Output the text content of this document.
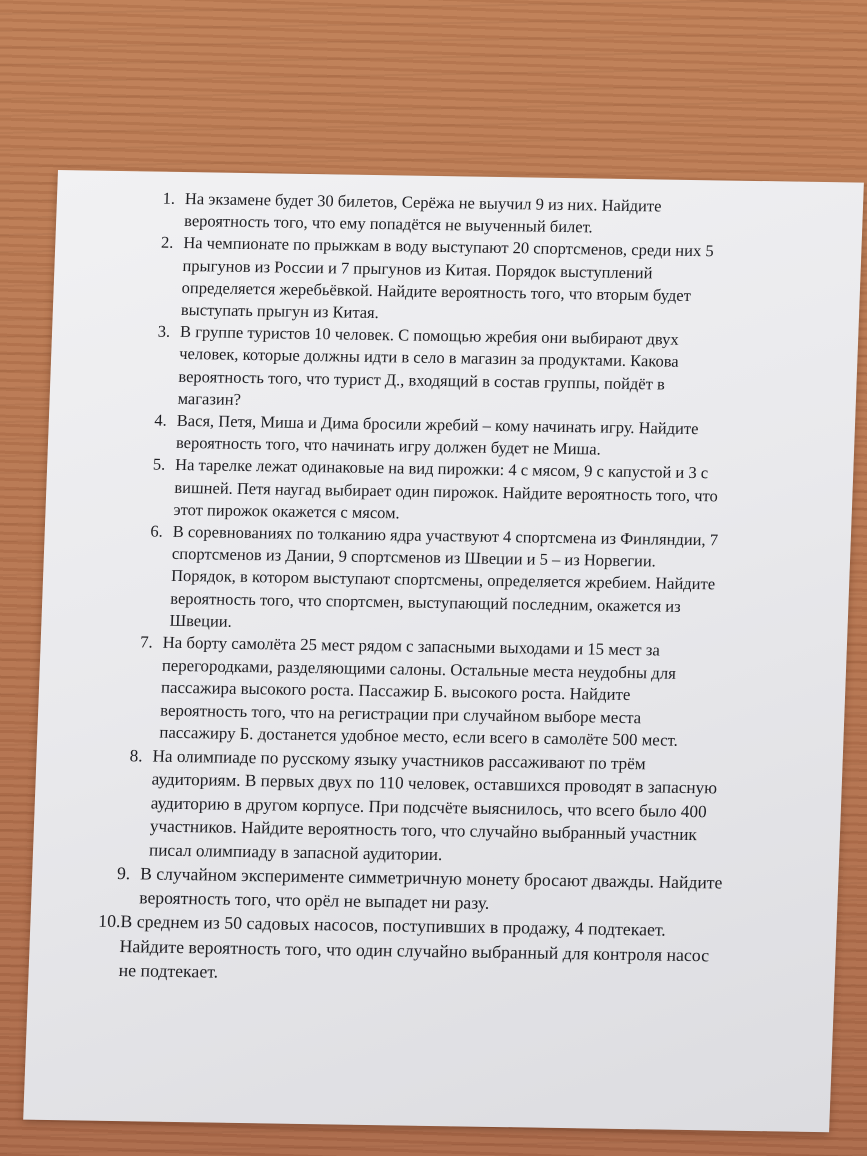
1. На экзамене будет 30 билетов, Серёжа не выучил 9 из них. Найдите
вероятность того, что ему попадётся не выученный билет.
2. На чемпионате по прыжкам в воду выступают 20 спортсменов, среди них 5
прыгунов из России и 7 прыгунов из Китая. Порядок выступлений
определяется жеребьёвкой. Найдите вероятность того, что вторым будет
выступать прыгун из Китая.
3. В группе туристов 10 человек. С помощью жребия они выбирают двух
человек, которые должны идти в село в магазин за продуктами. Какова
вероятность того, что турист Д., входящий в состав группы, пойдёт в
магазин?
4. Вася, Петя, Миша и Дима бросили жребий – кому начинать игру. Найдите
вероятность того, что начинать игру должен будет не Миша.
5. На тарелке лежат одинаковые на вид пирожки: 4 с мясом, 9 с капустой и 3 с
вишней. Петя наугад выбирает один пирожок. Найдите вероятность того, что
этот пирожок окажется с мясом.
6. В соревнованиях по толканию ядра участвуют 4 спортсмена из Финляндии, 7
спортсменов из Дании, 9 спортсменов из Швеции и 5 – из Норвегии.
Порядок, в котором выступают спортсмены, определяется жребием. Найдите
вероятность того, что спортсмен, выступающий последним, окажется из
Швеции.
7. На борту самолёта 25 мест рядом с запасными выходами и 15 мест за
перегородками, разделяющими салоны. Остальные места неудобны для
пассажира высокого роста. Пассажир Б. высокого роста. Найдите
вероятность того, что на регистрации при случайном выборе места
пассажиру Б. достанется удобное место, если всего в самолёте 500 мест.
8. На олимпиаде по русскому языку участников рассаживают по трём
аудиториям. В первых двух по 110 человек, оставшихся проводят в запасную
аудиторию в другом корпусе. При подсчёте выяснилось, что всего было 400
участников. Найдите вероятность того, что случайно выбранный участник
писал олимпиаду в запасной аудитории.
9. В случайном эксперименте симметричную монету бросают дважды. Найдите
вероятность того, что орёл не выпадет ни разу.
10. В среднем из 50 садовых насосов, поступивших в продажу, 4 подтекает.
Найдите вероятность того, что один случайно выбранный для контроля насос
не подтекает.
